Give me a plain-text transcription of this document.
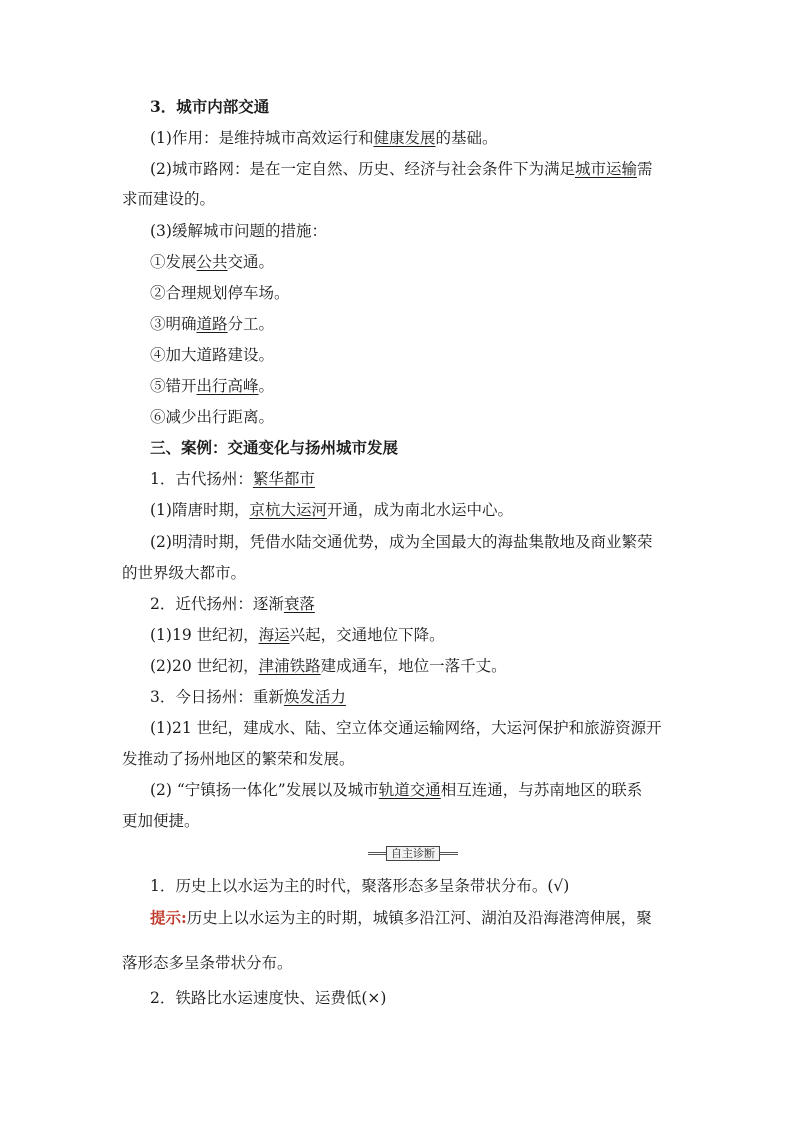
3．城市内部交通
(1)作用：是维持城市高效运行和健康发展的基础。
(2)城市路网：是在一定自然、历史、经济与社会条件下为满足城市运输需
求而建设的。
(3)缓解城市问题的措施：
①发展公共交通。
②合理规划停车场。
③明确道路分工。
④加大道路建设。
⑤错开出行高峰。
⑥减少出行距离。
三、案例：交通变化与扬州城市发展
1．古代扬州：繁华都市
(1)隋唐时期，京杭大运河开通，成为南北水运中心。
(2)明清时期，凭借水陆交通优势，成为全国最大的海盐集散地及商业繁荣
的世界级大都市。
2．近代扬州：逐渐衰落
(1)19 世纪初，海运兴起，交通地位下降。
(2)20 世纪初，津浦铁路建成通车，地位一落千丈。
3．今日扬州：重新焕发活力
(1)21 世纪，建成水、陆、空立体交通运输网络，大运河保护和旅游资源开
发推动了扬州地区的繁荣和发展。
(2) “宁镇扬一体化”发展以及城市轨道交通相互连通，与苏南地区的联系
更加便捷。
自主诊断
1．历史上以水运为主的时代，聚落形态多呈条带状分布。(√)
提示:历史上以水运为主的时期，城镇多沿江河、湖泊及沿海港湾伸展，聚
落形态多呈条带状分布。
2．铁路比水运速度快、运费低(×)
